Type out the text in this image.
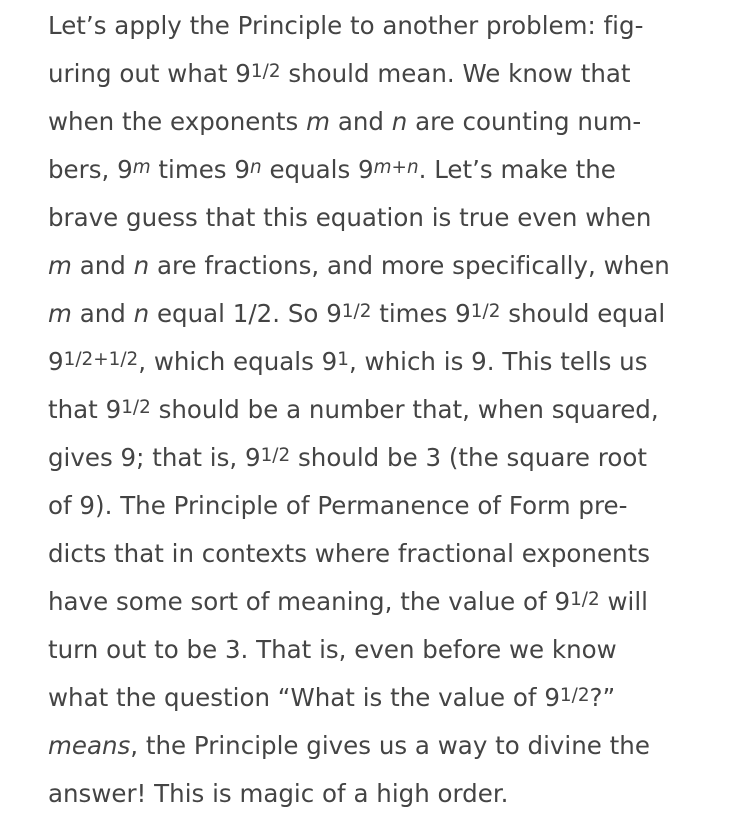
Let’s apply the Principle to another problem: fig-
uring out what $9^{1/2}$ should mean. We know that
when the exponents m and n are counting num-
bers, 9$^m$ times 9$^n$ equals $9^{m+n}$. Let’s make the
brave guess that this equation is true even when
m and n are fractions, and more specifically, when
m and n equal 1/2. So $9^{1/2}$ times $9^{1/2}$ should equal
$9^{1/2+1/2}$, which equals $9^1$, which is 9. This tells us
that $9^{1/2}$ should be a number that, when squared,
gives 9; that is, $9^{1/2}$ should be 3 (the square root
of 9). The Principle of Permanence of Form pre-
dicts that in contexts where fractional exponents
have some sort of meaning, the value of $9^{1/2}$ will
turn out to be 3. That is, even before we know
what the question “What is the value of $9^{1/2}$?”
means, the Principle gives us a way to divine the
answer! This is magic of a high order.
